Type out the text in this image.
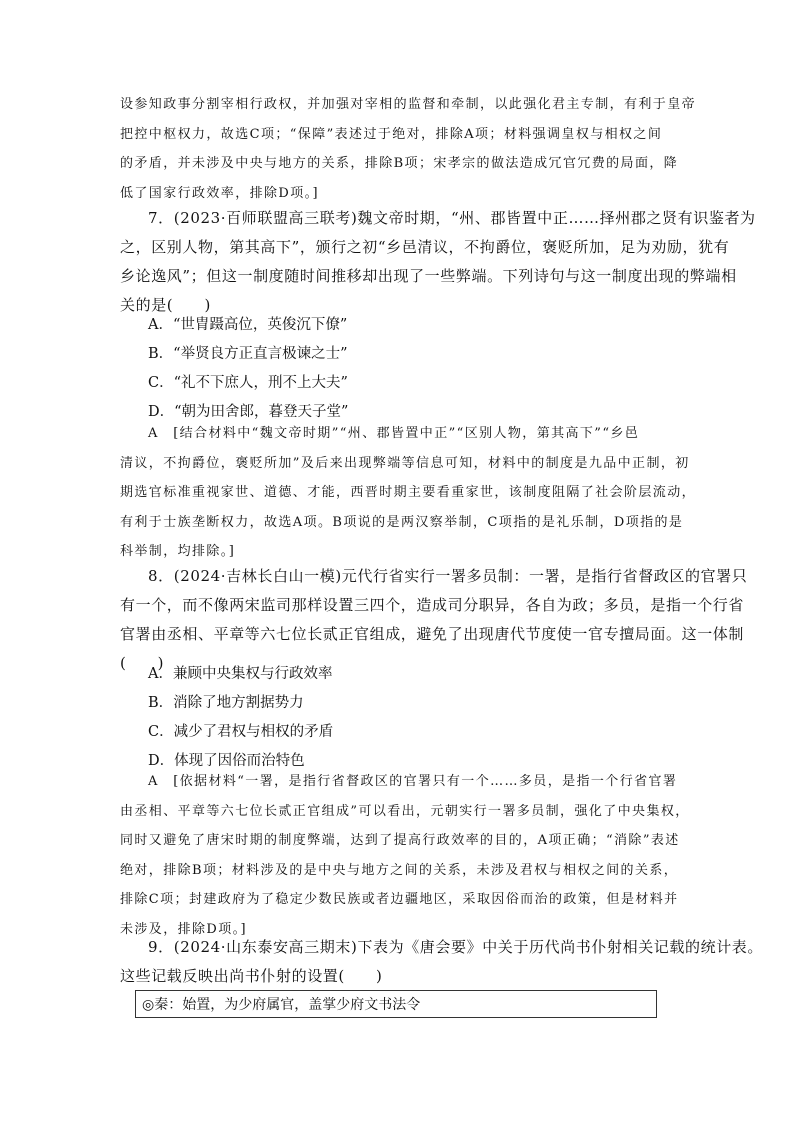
设参知政事分割宰相行政权，并加强对宰相的监督和牵制，以此强化君主专制，有利于皇帝
把控中枢权力，故选C项；“保障”表述过于绝对，排除A项；材料强调皇权与相权之间
的矛盾，并未涉及中央与地方的关系，排除B项；宋孝宗的做法造成冗官冗费的局面，降
低了国家行政效率，排除D项。]
7．(2023·百师联盟高三联考)魏文帝时期，“州、郡皆置中正……择州郡之贤有识鉴者为
之，区别人物，第其高下”，颁行之初“乡邑清议，不拘爵位，褒贬所加，足为劝励，犹有
乡论逸风”；但这一制度随时间推移却出现了一些弊端。下列诗句与这一制度出现的弊端相
关的是(　　)
A．“世胄蹑高位，英俊沉下僚”
B．“举贤良方正直言极谏之士”
C．“礼不下庶人，刑不上大夫”
D．“朝为田舍郎，暮登天子堂”
A　[结合材料中“魏文帝时期”“州、郡皆置中正”“区别人物，第其高下”“乡邑
清议，不拘爵位，褒贬所加”及后来出现弊端等信息可知，材料中的制度是九品中正制，初
期选官标准重视家世、道德、才能，西晋时期主要看重家世，该制度阻隔了社会阶层流动，
有利于士族垄断权力，故选A项。B项说的是两汉察举制，C项指的是礼乐制，D项指的是
科举制，均排除。]
8．(2024·吉林长白山一模)元代行省实行一署多员制：一署，是指行省督政区的官署只
有一个，而不像两宋监司那样设置三四个，造成司分职异，各自为政；多员，是指一个行省
官署由丞相、平章等六七位长贰正官组成，避免了出现唐代节度使一官专擅局面。这一体制
(　　)
A．兼顾中央集权与行政效率
B．消除了地方割据势力
C．减少了君权与相权的矛盾
D．体现了因俗而治特色
A　[依据材料“一署，是指行省督政区的官署只有一个……多员，是指一个行省官署
由丞相、平章等六七位长贰正官组成”可以看出，元朝实行一署多员制，强化了中央集权，
同时又避免了唐宋时期的制度弊端，达到了提高行政效率的目的，A项正确；“消除”表述
绝对，排除B项；材料涉及的是中央与地方之间的关系，未涉及君权与相权之间的关系，
排除C项；封建政府为了稳定少数民族或者边疆地区，采取因俗而治的政策，但是材料并
未涉及，排除D项。]
9．(2024·山东泰安高三期末)下表为《唐会要》中关于历代尚书仆射相关记载的统计表。
这些记载反映出尚书仆射的设置(　　)
◎秦：始置，为少府属官，盖掌少府文书法令
